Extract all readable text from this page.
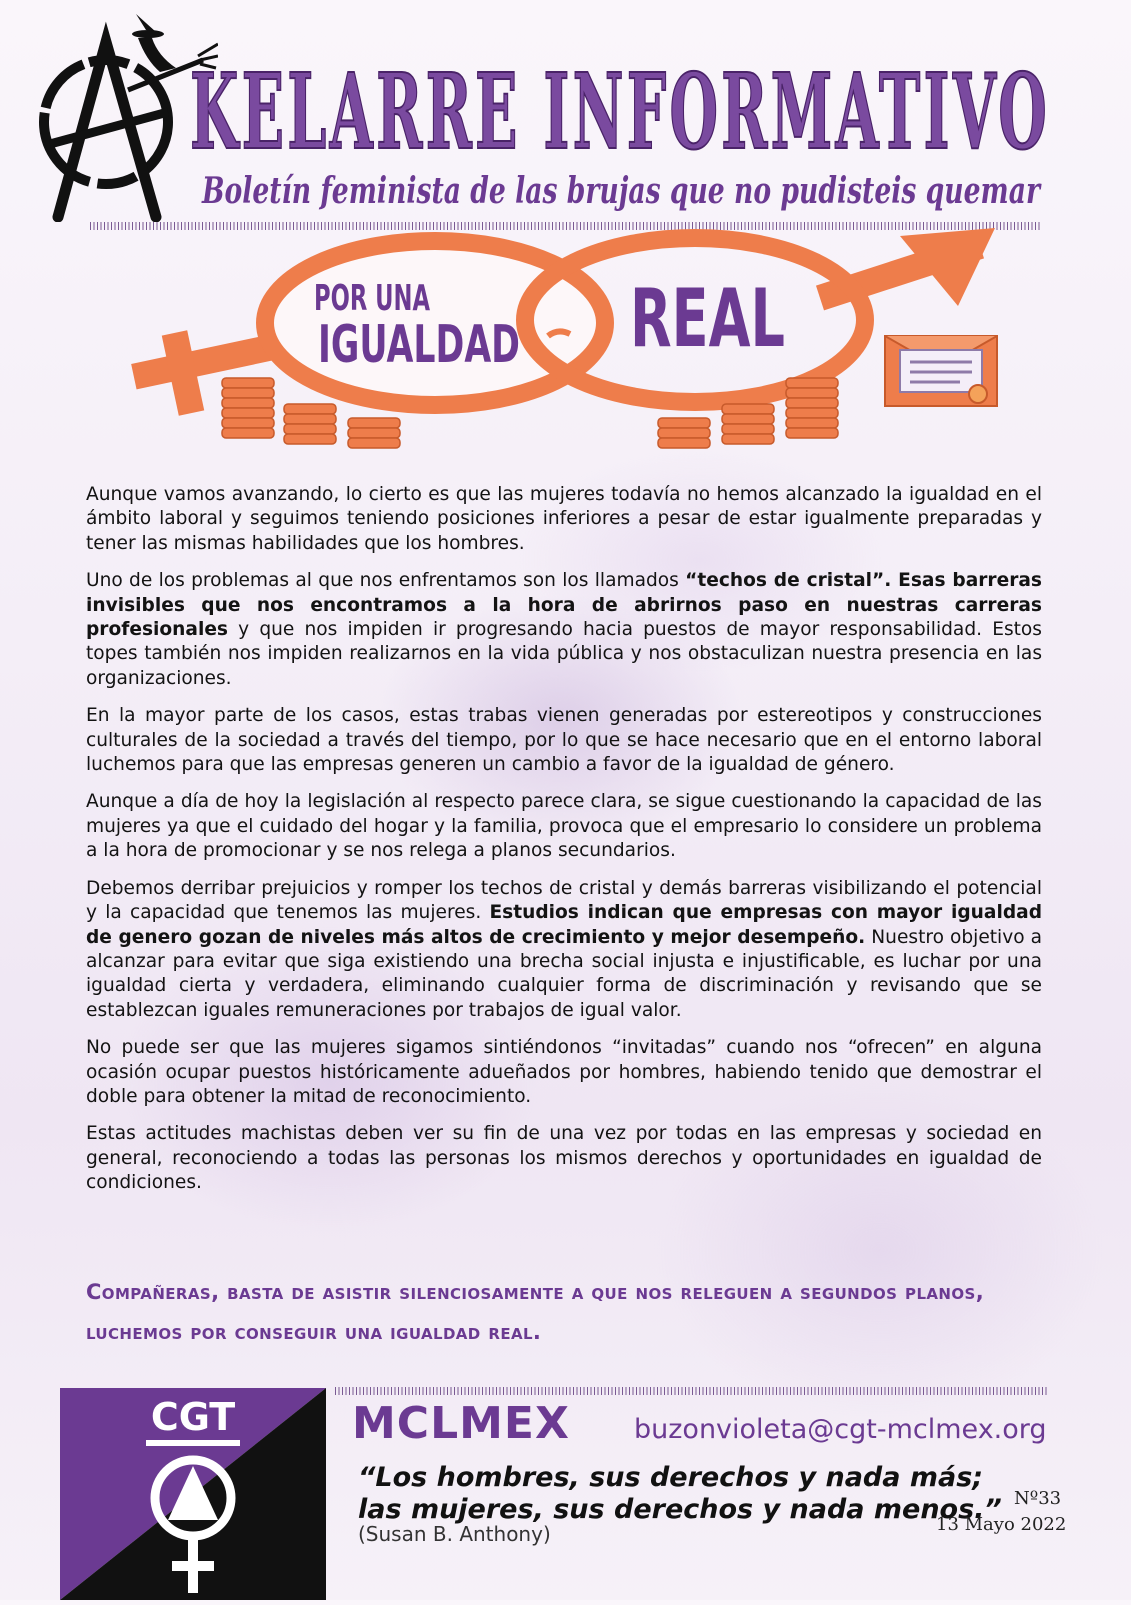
KELARRE INFORMATIVO
Boletín feminista de las brujas que no pudisteis quemar
POR UNA
IGUALDAD REAL

Aunque vamos avanzando, lo cierto es que las mujeres todavía no hemos alcanzado la igualdad en el ámbito laboral y seguimos teniendo posiciones inferiores a pesar de estar igualmente preparadas y tener las mismas habilidades que los hombres.

Uno de los problemas al que nos enfrentamos son los llamados “techos de cristal”. Esas barreras invisibles que nos encontramos a la hora de abrirnos paso en nuestras carreras profesionales y que nos impiden ir progresando hacia puestos de mayor responsabilidad. Estos topes también nos impiden realizarnos en la vida pública y nos obstaculizan nuestra presencia en las organizaciones.

En la mayor parte de los casos, estas trabas vienen generadas por estereotipos y construcciones culturales de la sociedad a través del tiempo, por lo que se hace necesario que en el entorno laboral luchemos para que las empresas generen un cambio a favor de la igualdad de género.

Aunque a día de hoy la legislación al respecto parece clara, se sigue cuestionando la capacidad de las mujeres ya que el cuidado del hogar y la familia, provoca que el empresario lo considere un problema a la hora de promocionar y se nos relega a planos secundarios.

Debemos derribar prejuicios y romper los techos de cristal y demás barreras visibilizando el potencial y la capacidad que tenemos las mujeres. Estudios indican que empresas con mayor igualdad de genero gozan de niveles más altos de crecimiento y mejor desempeño. Nuestro objetivo a alcanzar para evitar que siga existiendo una brecha social injusta e injustificable, es luchar por una igualdad cierta y verdadera, eliminando cualquier forma de discriminación y revisando que se establezcan iguales remuneraciones por trabajos de igual valor.

No puede ser que las mujeres sigamos sintiéndonos “invitadas” cuando nos “ofrecen” en alguna ocasión ocupar puestos históricamente adueñados por hombres, habiendo tenido que demostrar el doble para obtener la mitad de reconocimiento.

Estas actitudes machistas deben ver su fin de una vez por todas en las empresas y sociedad en general, reconociendo a todas las personas los mismos derechos y oportunidades en igualdad de condiciones.

Compañeras, basta de asistir silenciosamente a que nos releguen a segundos planos, luchemos por conseguir una igualdad real.
CGT	MCLMEX buzonvioleta@cgt-mclmex.org
“Los hombres, sus derechos y nada más;
las mujeres, sus derechos y nada menos.”
(Susan B. Anthony)
Nº33
13 Mayo 2022
